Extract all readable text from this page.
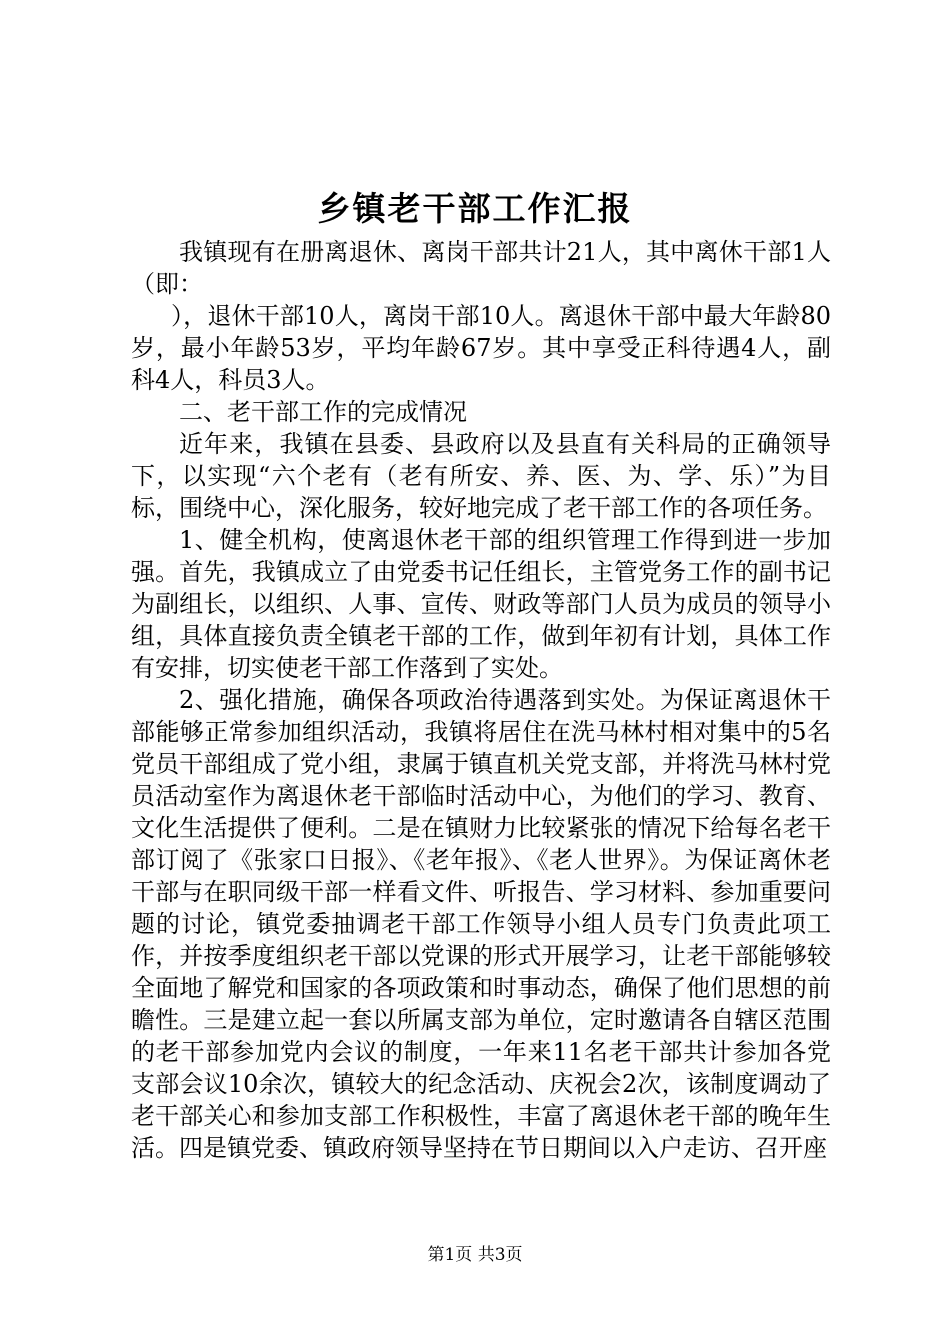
乡镇老干部工作汇报

我镇现有在册离退休、离岗干部共计21人，其中离休干部1人（即：

），退休干部10人，离岗干部10人。离退休干部中最大年龄80岁，最小年龄53岁，平均年龄67岁。其中享受正科待遇4人，副科4人，科员3人。

二、老干部工作的完成情况

近年来，我镇在县委、县政府以及县直有关科局的正确领导下，以实现“六个老有（老有所安、养、医、为、学、乐）”为目标，围绕中心，深化服务，较好地完成了老干部工作的各项任务。

1、健全机构，使离退休老干部的组织管理工作得到进一步加强。首先，我镇成立了由党委书记任组长，主管党务工作的副书记为副组长，以组织、人事、宣传、财政等部门人员为成员的领导小组，具体直接负责全镇老干部的工作，做到年初有计划，具体工作有安排，切实使老干部工作落到了实处。

2、强化措施，确保各项政治待遇落到实处。为保证离退休干部能够正常参加组织活动，我镇将居住在洗马林村相对集中的5名党员干部组成了党小组，隶属于镇直机关党支部，并将洗马林村党员活动室作为离退休老干部临时活动中心，为他们的学习、教育、文化生活提供了便利。二是在镇财力比较紧张的情况下给每名老干部订阅了《张家口日报》、《老年报》、《老人世界》。为保证离休老干部与在职同级干部一样看文件、听报告、学习材料、参加重要问题的讨论，镇党委抽调老干部工作领导小组人员专门负责此项工作，并按季度组织老干部以党课的形式开展学习，让老干部能够较全面地了解党和国家的各项政策和时事动态，确保了他们思想的前瞻性。三是建立起一套以所属支部为单位，定时邀请各自辖区范围的老干部参加党内会议的制度，一年来11名老干部共计参加各党支部会议10余次，镇较大的纪念活动、庆祝会2次，该制度调动了老干部关心和参加支部工作积极性，丰富了离退休老干部的晚年生活。四是镇党委、镇政府领导坚持在节日期间以入户走访、召开座

第1页 共3页
